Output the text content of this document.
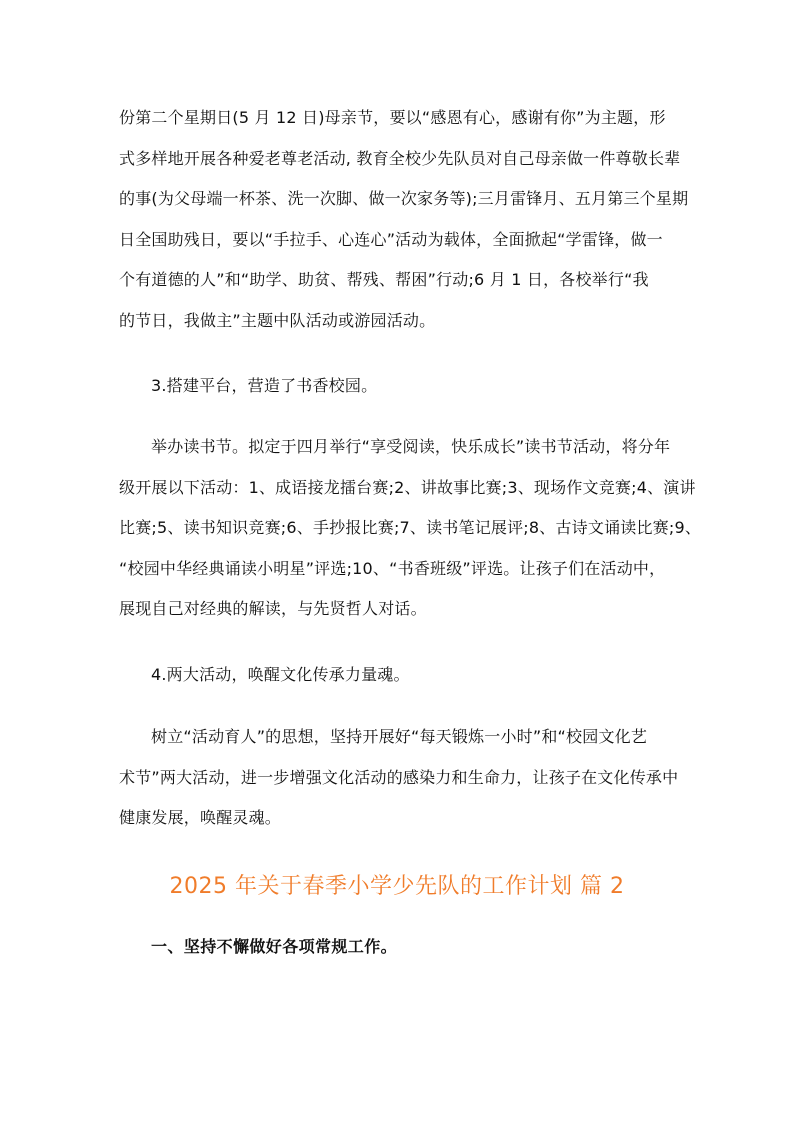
份第二个星期日(5 月 12 日)母亲节，要以“感恩有心，感谢有你”为主题，形
式多样地开展各种爱老尊老活动, 教育全校少先队员对自己母亲做一件尊敬长辈
的事(为父母端一杯茶、洗一次脚、做一次家务等);三月雷锋月、五月第三个星期
日全国助残日，要以“手拉手、心连心”活动为载体，全面掀起“学雷锋，做一
个有道德的人”和“助学、助贫、帮残、帮困”行动;6 月 1 日，各校举行“我
的节日，我做主”主题中队活动或游园活动。
3.搭建平台，营造了书香校园。
举办读书节。拟定于四月举行“享受阅读，快乐成长”读书节活动，将分年
级开展以下活动：1、成语接龙擂台赛;2、讲故事比赛;3、现场作文竞赛;4、演讲
比赛;5、读书知识竞赛;6、手抄报比赛;7、读书笔记展评;8、古诗文诵读比赛;9、
“校园中华经典诵读小明星”评选;10、“书香班级”评选。让孩子们在活动中，
展现自己对经典的解读，与先贤哲人对话。
4.两大活动，唤醒文化传承力量魂。
树立“活动育人”的思想，坚持开展好“每天锻炼一小时”和“校园文化艺
术节”两大活动，进一步增强文化活动的感染力和生命力，让孩子在文化传承中
健康发展，唤醒灵魂。
2025 年关于春季小学少先队的工作计划 篇 2
一、坚持不懈做好各项常规工作。
